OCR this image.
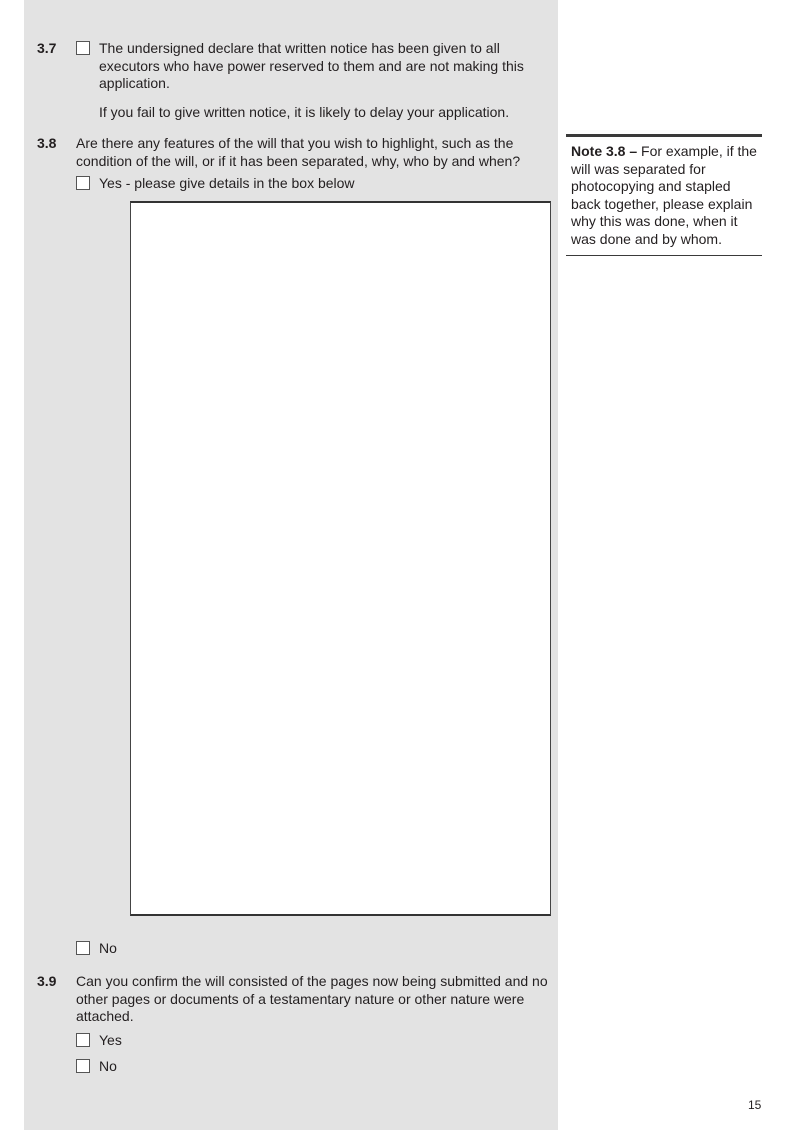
3.7	The undersigned declare that written notice has been given to all executors who have power reserved to them and are not making this application.
If you fail to give written notice, it is likely to delay your application.
3.8 Are there any features of the will that you wish to highlight, such as the condition of the will, or if it has been separated, why, who by and when?
Yes - please give details in the box below
No
Note 3.8 – For example, if the will was separated for photocopying and stapled back together, please explain why this was done, when it was done and by whom.
3.9 Can you confirm the will consisted of the pages now being submitted and no other pages or documents of a testamentary nature or other nature were attached.
Yes
No
15
